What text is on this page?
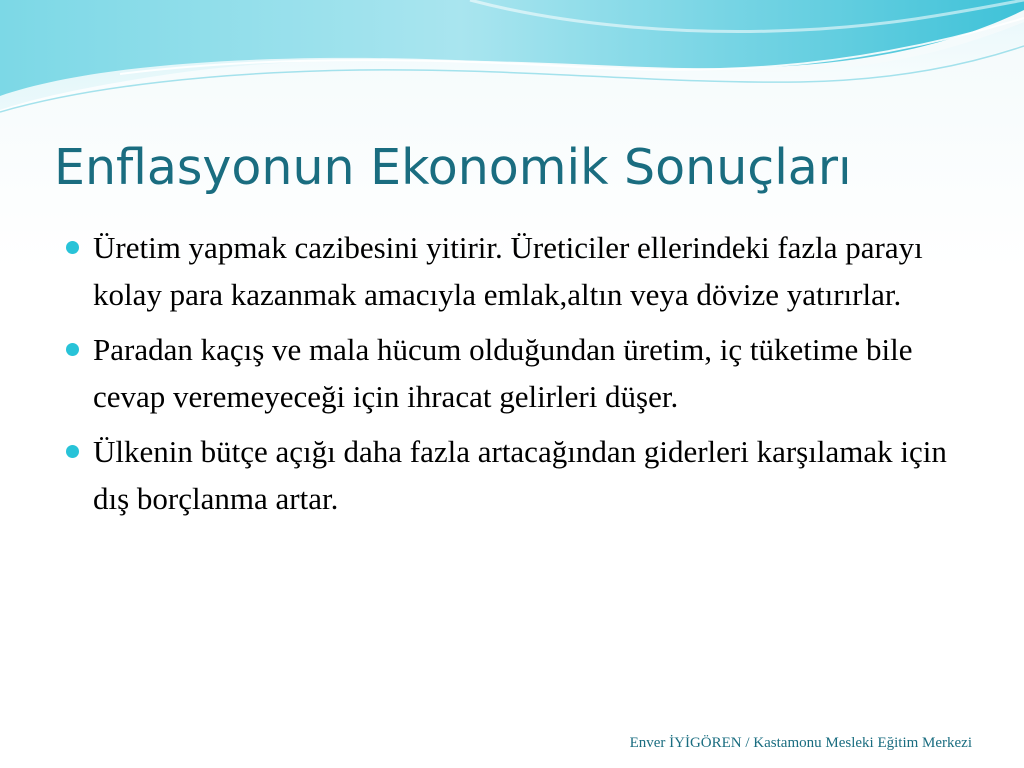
Enflasyonun Ekonomik Sonuçları
Üretim yapmak cazibesini yitirir. Üreticiler ellerindeki fazla parayı kolay para kazanmak amacıyla emlak,altın veya dövize yatırırlar.
Paradan kaçış ve mala hücum olduğundan üretim, iç tüketime bile cevap veremeyeceği için ihracat gelirleri düşer.
Ülkenin bütçe açığı daha fazla artacağından giderleri karşılamak için dış borçlanma artar.
Enver İYİGÖREN / Kastamonu Mesleki Eğitim Merkezi
